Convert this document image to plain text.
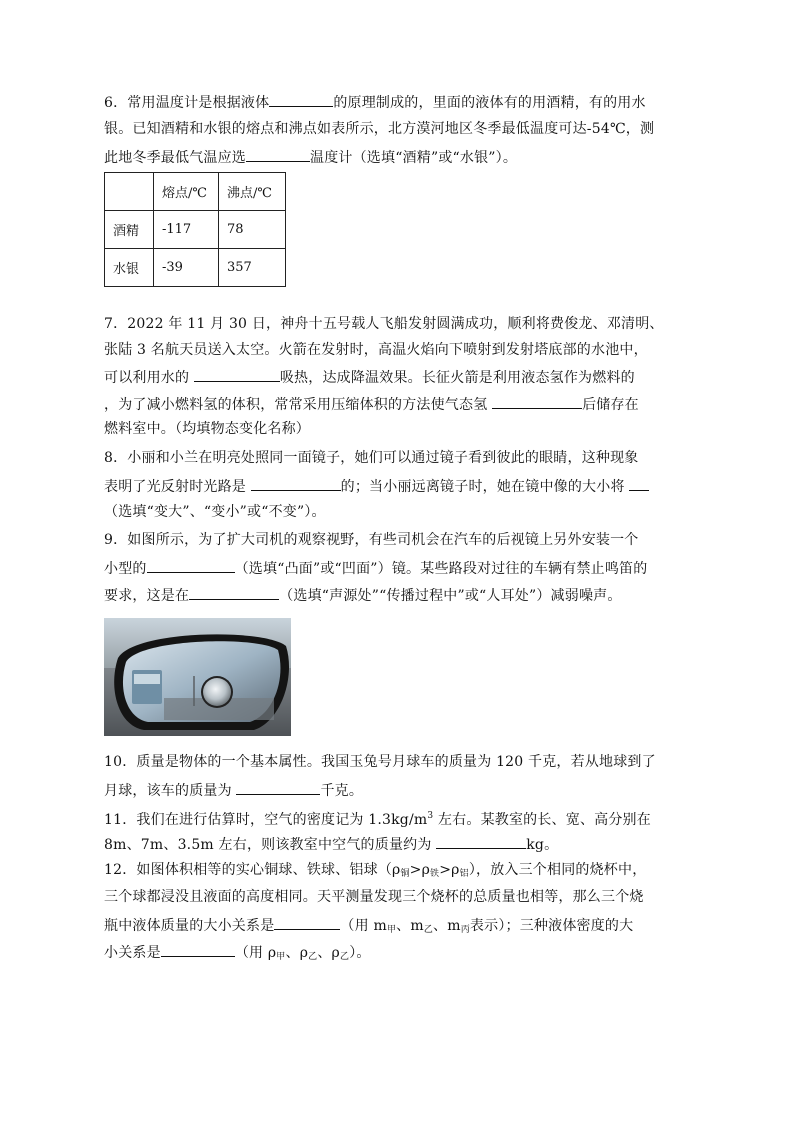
6．常用温度计是根据液体	的原理制成的，里面的液体有的用酒精，有的用水
银。已知酒精和水银的熔点和沸点如表所示，北方漠河地区冬季最低温度可达-54℃，测
此地冬季最低气温应选	温度计（选填“酒精”或“水银”）。
	熔点/℃	沸点/℃
酒精	-117	78
水银	-39	357
7．2022 年 11 月 30 日，神舟十五号载人飞船发射圆满成功，顺利将费俊龙、邓清明、
张陆 3 名航天员送入太空。火箭在发射时，高温火焰向下喷射到发射塔底部的水池中，
可以利用水的	吸热，达成降温效果。长征火箭是利用液态氢作为燃料的
，为了减小燃料氢的体积，常常采用压缩体积的方法使气态氢	后储存在
燃料室中。（均填物态变化名称）
8．小丽和小兰在明亮处照同一面镜子，她们可以通过镜子看到彼此的眼睛，这种现象
表明了光反射时光路是	的；当小丽远离镜子时，她在镜中像的大小将
（选填“变大”、“变小”或“不变”）。
9．如图所示，为了扩大司机的观察视野，有些司机会在汽车的后视镜上另外安装一个
小型的	（选填“凸面”或“凹面”）镜。某些路段对过往的车辆有禁止鸣笛的
要求，这是在	（选填“声源处”“传播过程中”或“人耳处”）减弱噪声。
10．质量是物体的一个基本属性。我国玉兔号月球车的质量为 120 千克，若从地球到了
月球，该车的质量为	千克。
11．我们在进行估算时，空气的密度记为 $1.3kg/m^3$ 左右。某教室的长、宽、高分别在
8m、7m、3.5m 左右，则该教室中空气的质量约为	kg。
12．如图体积相等的实心铜球、铁球、铝球$(\rho_铜>\rho_铁>\rho_铝)$，放入三个相同的烧杯中，
三个球都浸没且液面的高度相同。天平测量发现三个烧杯的总质量也相等，那么三个烧
瓶中液体质量的大小关系是	（用 $m_甲$、$m_乙$、$m_丙$表示）；三种液体密度的大
小关系是	（用 $\rho_甲$、$\rho_乙$、$\rho_乙$）。
